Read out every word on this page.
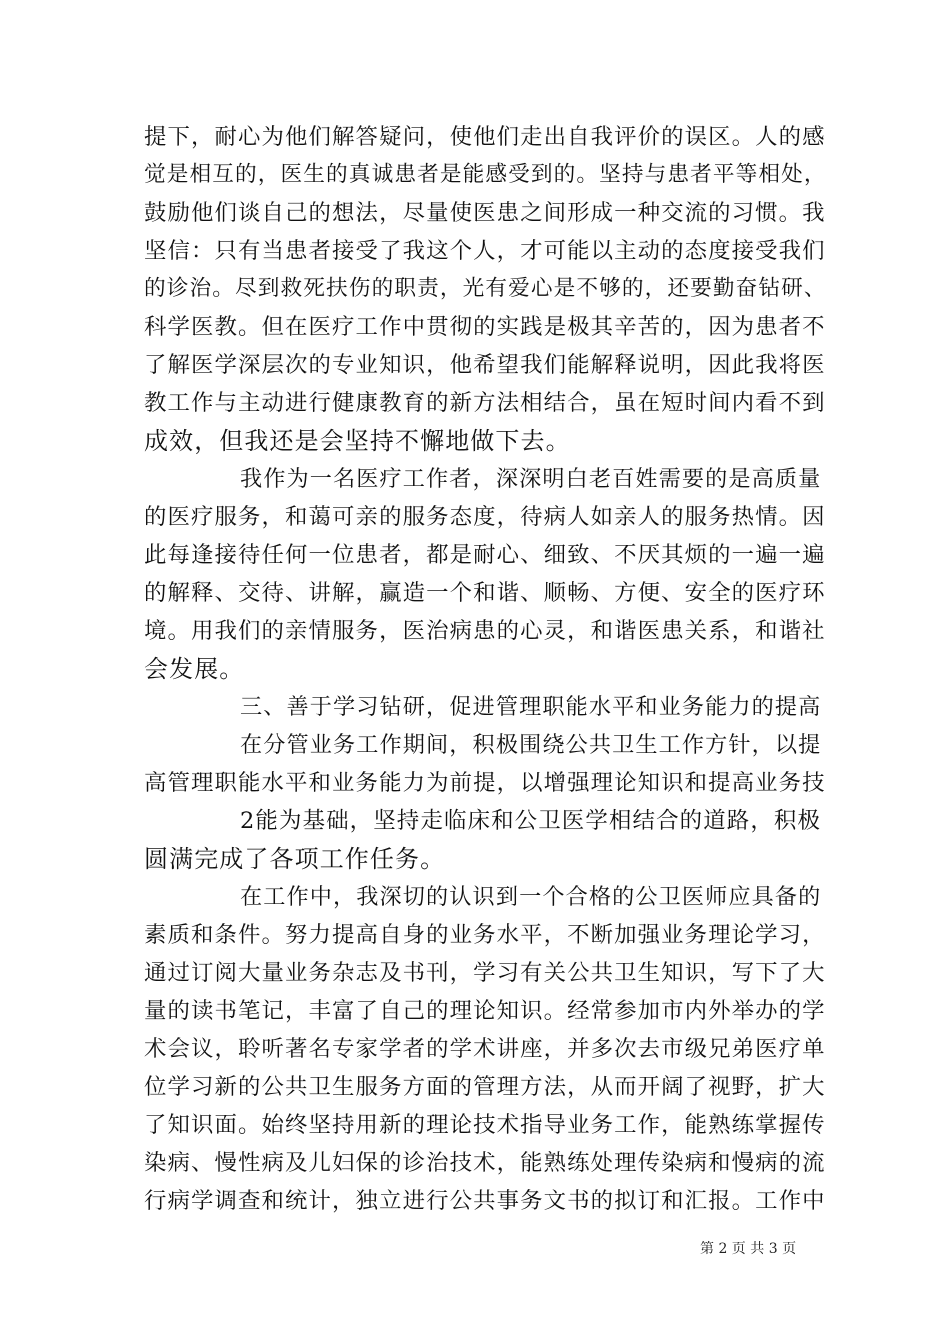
提下，耐心为他们解答疑问，使他们走出自我评价的误区。人的感
觉是相互的，医生的真诚患者是能感受到的。坚持与患者平等相处，
鼓励他们谈自己的想法，尽量使医患之间形成一种交流的习惯。我
坚信：只有当患者接受了我这个人，才可能以主动的态度接受我们
的诊治。尽到救死扶伤的职责，光有爱心是不够的，还要勤奋钻研、
科学医教。但在医疗工作中贯彻的实践是极其辛苦的，因为患者不
了解医学深层次的专业知识，他希望我们能解释说明，因此我将医
教工作与主动进行健康教育的新方法相结合，虽在短时间内看不到
成效，但我还是会坚持不懈地做下去。
我作为一名医疗工作者，深深明白老百姓需要的是高质量
的医疗服务，和蔼可亲的服务态度，待病人如亲人的服务热情。因
此每逢接待任何一位患者，都是耐心、细致、不厌其烦的一遍一遍
的解释、交待、讲解，赢造一个和谐、顺畅、方便、安全的医疗环
境。用我们的亲情服务，医治病患的心灵，和谐医患关系，和谐社
会发展。
三、善于学习钻研，促进管理职能水平和业务能力的提高
在分管业务工作期间，积极围绕公共卫生工作方针，以提
高管理职能水平和业务能力为前提，以增强理论知识和提高业务技
2能为基础，坚持走临床和公卫医学相结合的道路，积极
圆满完成了各项工作任务。
在工作中，我深切的认识到一个合格的公卫医师应具备的
素质和条件。努力提高自身的业务水平，不断加强业务理论学习，
通过订阅大量业务杂志及书刊，学习有关公共卫生知识，写下了大
量的读书笔记，丰富了自己的理论知识。经常参加市内外举办的学
术会议，聆听著名专家学者的学术讲座，并多次去市级兄弟医疗单
位学习新的公共卫生服务方面的管理方法，从而开阔了视野，扩大
了知识面。始终坚持用新的理论技术指导业务工作，能熟练掌握传
染病、慢性病及儿妇保的诊治技术，能熟练处理传染病和慢病的流
行病学调查和统计，独立进行公共事务文书的拟订和汇报。工作中
第 2 页 共 3 页
